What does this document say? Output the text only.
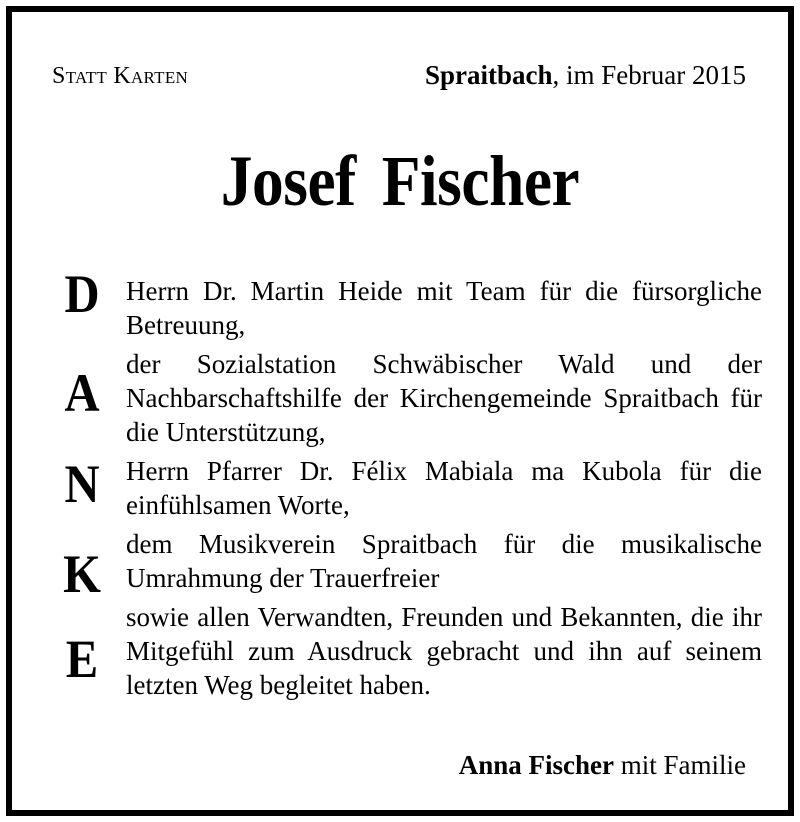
Statt Karten	Spraitbach, im Februar 2015
Josef Fischer
D
A
N
K
E

Herrn Dr. Martin Heide mit Team für die fürsorgliche Betreuung,

der Sozialstation Schwäbischer Wald und der Nachbarschaftshilfe der Kirchengemeinde Spraitbach für die Unterstützung,

Herrn Pfarrer Dr. Félix Mabiala ma Kubola für die einfühlsamen Worte,

dem Musikverein Spraitbach für die musikalische Umrahmung der Trauerfreier

sowie allen Verwandten, Freunden und Bekannten, die ihr Mitgefühl zum Ausdruck gebracht und ihn auf seinem letzten Weg begleitet haben.

Anna Fischer mit Familie
